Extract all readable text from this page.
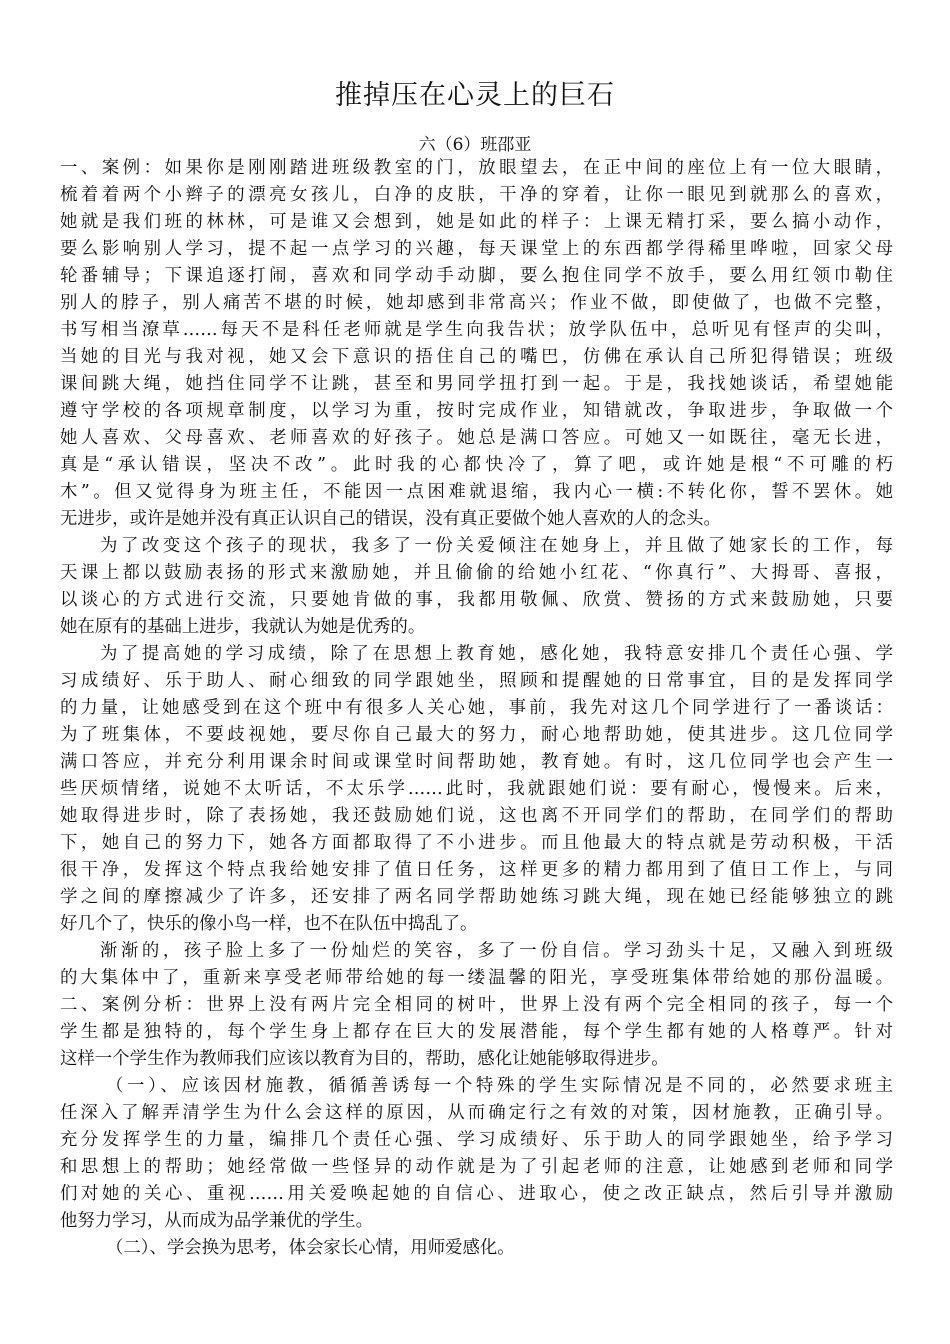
推掉压在心灵上的巨石

六（6）班邵亚

一、案例：如果你是刚刚踏进班级教室的门，放眼望去，在正中间的座位上有一位大眼睛，

梳着着两个小辫子的漂亮女孩儿，白净的皮肤，干净的穿着，让你一眼见到就那么的喜欢，

她就是我们班的林林，可是谁又会想到，她是如此的样子：上课无精打采，要么搞小动作，

要么影响别人学习，提不起一点学习的兴趣，每天课堂上的东西都学得稀里哗啦，回家父母

轮番辅导；下课追逐打闹，喜欢和同学动手动脚，要么抱住同学不放手，要么用红领巾勒住

别人的脖子，别人痛苦不堪的时候，她却感到非常高兴；作业不做，即使做了，也做不完整，

书写相当潦草……每天不是科任老师就是学生向我告状；放学队伍中，总听见有怪声的尖叫，

当她的目光与我对视，她又会下意识的捂住自己的嘴巴，仿佛在承认自己所犯得错误；班级

课间跳大绳，她挡住同学不让跳，甚至和男同学扭打到一起。于是，我找她谈话，希望她能

遵守学校的各项规章制度，以学习为重，按时完成作业，知错就改，争取进步，争取做一个

她人喜欢、父母喜欢、老师喜欢的好孩子。她总是满口答应。可她又一如既往，毫无长进，

真是“承认错误，坚决不改”。此时我的心都快冷了，算了吧，或许她是根“不可雕的朽

木”。但又觉得身为班主任，不能因一点困难就退缩，我内心一横:不转化你，誓不罢休。她

无进步，或许是她并没有真正认识自己的错误，没有真正要做个她人喜欢的人的念头。

为了改变这个孩子的现状，我多了一份关爱倾注在她身上，并且做了她家长的工作，每

天课上都以鼓励表扬的形式来激励她，并且偷偷的给她小红花、“你真行”、大拇哥、喜报，

以谈心的方式进行交流，只要她肯做的事，我都用敬佩、欣赏、赞扬的方式来鼓励她，只要

她在原有的基础上进步，我就认为她是优秀的。

为了提高她的学习成绩，除了在思想上教育她，感化她，我特意安排几个责任心强、学

习成绩好、乐于助人、耐心细致的同学跟她坐，照顾和提醒她的日常事宜，目的是发挥同学

的力量，让她感受到在这个班中有很多人关心她，事前，我先对这几个同学进行了一番谈话：

为了班集体，不要歧视她，要尽你自己最大的努力，耐心地帮助她，使其进步。这几位同学

满口答应，并充分利用课余时间或课堂时间帮助她，教育她。有时，这几位同学也会产生一

些厌烦情绪，说她不太听话，不太乐学……此时，我就跟她们说：要有耐心，慢慢来。后来，

她取得进步时，除了表扬她，我还鼓励她们说，这也离不开同学们的帮助，在同学们的帮助

下，她自己的努力下，她各方面都取得了不小进步。而且他最大的特点就是劳动积极，干活

很干净，发挥这个特点我给她安排了值日任务，这样更多的精力都用到了值日工作上，与同

学之间的摩擦减少了许多，还安排了两名同学帮助她练习跳大绳，现在她已经能够独立的跳

好几个了，快乐的像小鸟一样，也不在队伍中捣乱了。

渐渐的，孩子脸上多了一份灿烂的笑容，多了一份自信。学习劲头十足，又融入到班级

的大集体中了，重新来享受老师带给她的每一缕温馨的阳光，享受班集体带给她的那份温暖。

二、案例分析：世界上没有两片完全相同的树叶，世界上没有两个完全相同的孩子，每一个

学生都是独特的，每个学生身上都存在巨大的发展潜能，每个学生都有她的人格尊严。针对

这样一个学生作为教师我们应该以教育为目的，帮助，感化让她能够取得进步。

（一）、应该因材施教，循循善诱每一个特殊的学生实际情况是不同的，必然要求班主

任深入了解弄清学生为什么会这样的原因，从而确定行之有效的对策，因材施教，正确引导。

充分发挥学生的力量，编排几个责任心强、学习成绩好、乐于助人的同学跟她坐，给予学习

和思想上的帮助；她经常做一些怪异的动作就是为了引起老师的注意，让她感到老师和同学

们对她的关心、重视……用关爱唤起她的自信心、进取心，使之改正缺点，然后引导并激励

他努力学习，从而成为品学兼优的学生。

（二）、学会换为思考，体会家长心情，用师爱感化。
